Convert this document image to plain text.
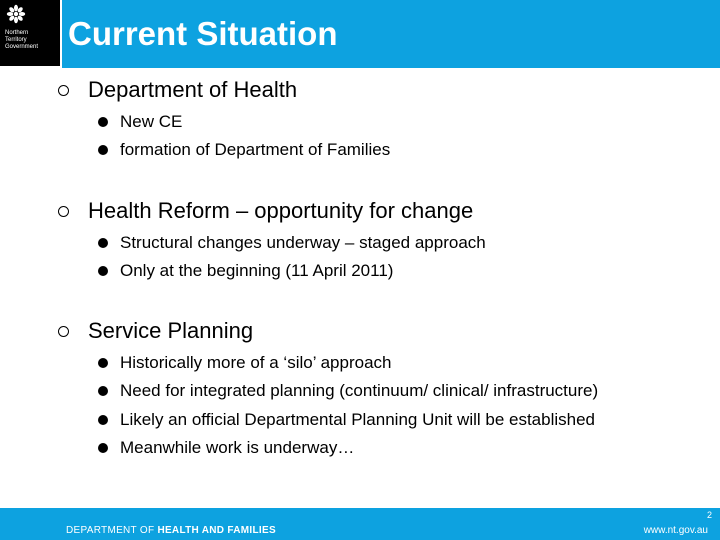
Northern
Territory
Government Current Situation
Department of Health
New CE
formation of Department of Families
Health Reform – opportunity for change
Structural changes underway – staged approach
Only at the beginning (11 April 2011)
Service Planning
Historically more of a ‘silo’ approach
Need for integrated planning (continuum/ clinical/ infrastructure)
Likely an official Departmental Planning Unit will be established
Meanwhile work is underway…
2
DEPARTMENT OF HEALTH AND FAMILIES	www.nt.gov.au
